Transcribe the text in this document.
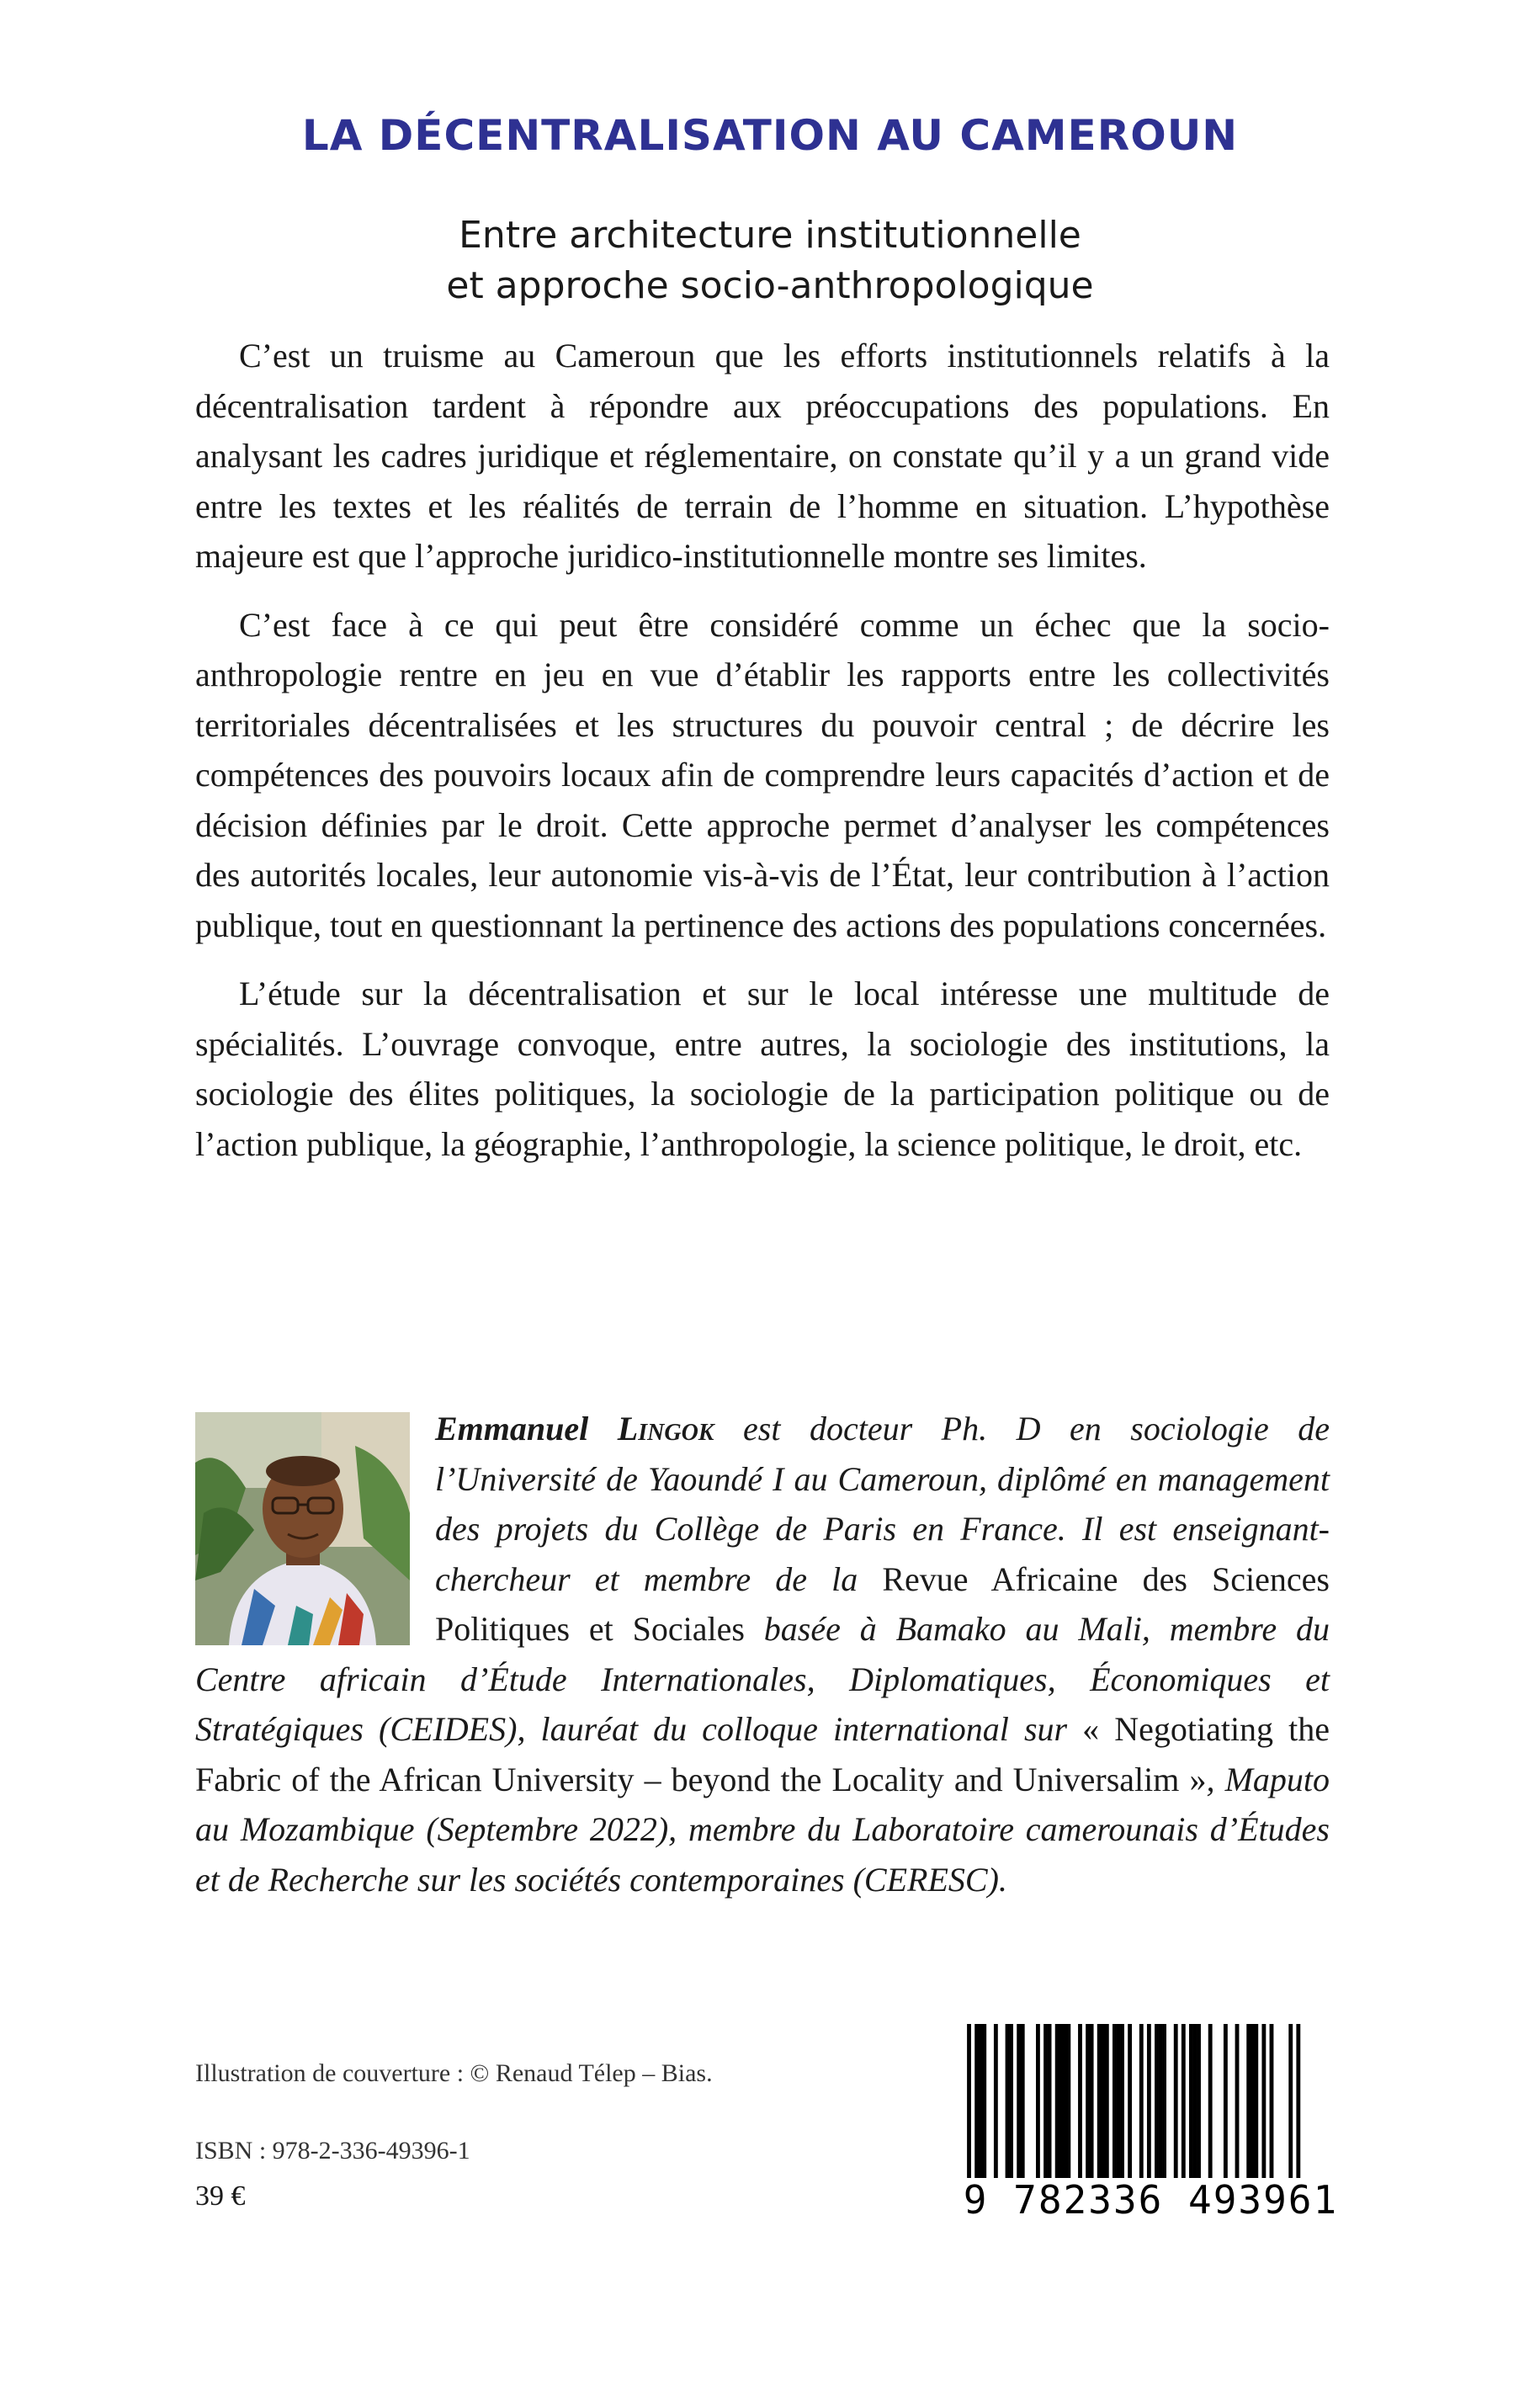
LA DÉCENTRALISATION AU CAMEROUN
Entre architecture institutionnelle
et approche socio-anthropologique

C’est un truisme au Cameroun que les efforts institutionnels relatifs à la décentralisation tardent à répondre aux préoccupations des populations. En analysant les cadres juridique et réglementaire, on constate qu’il y a un grand vide entre les textes et les réalités de terrain de l’homme en situation. L’hypothèse majeure est que l’approche juridico-institutionnelle montre ses limites.

C’est face à ce qui peut être considéré comme un échec que la socio-anthropologie rentre en jeu en vue d’établir les rapports entre les collectivités territoriales décentralisées et les structures du pouvoir central ; de décrire les compétences des pouvoirs locaux afin de comprendre leurs capacités d’action et de décision définies par le droit. Cette approche permet d’analyser les compétences des autorités locales, leur autonomie vis-à-vis de l’État, leur contribution à l’action publique, tout en questionnant la pertinence des actions des populations concernées.

L’étude sur la décentralisation et sur le local intéresse une multitude de spécialités. L’ouvrage convoque, entre autres, la sociologie des institutions, la sociologie des élites politiques, la sociologie de la participation politique ou de l’action publique, la géographie, l’anthropologie, la science politique, le droit, etc.

Emmanuel Lingok est docteur Ph. D en sociologie de l’Université de Yaoundé I au Cameroun, diplômé en management des projets du Collège de Paris en France. Il est enseignant-chercheur et membre de la Revue Africaine des Sciences Politiques et Sociales basée à Bamako au Mali, membre du Centre africain d’Étude Internationales, Diplomatiques, Économiques et Stratégiques (CEIDES), lauréat du colloque international sur « Negotiating the Fabric of the African University – beyond the Locality and Universalim », Maputo au Mozambique (Septembre 2022), membre du Laboratoire camerounais d’Études et de Recherche sur les sociétés contemporaines (CERESC).

Illustration de couverture : © Renaud Télep – Bias.
ISBN : 978-2-336-49396-1
39 €	9 782336 493961
